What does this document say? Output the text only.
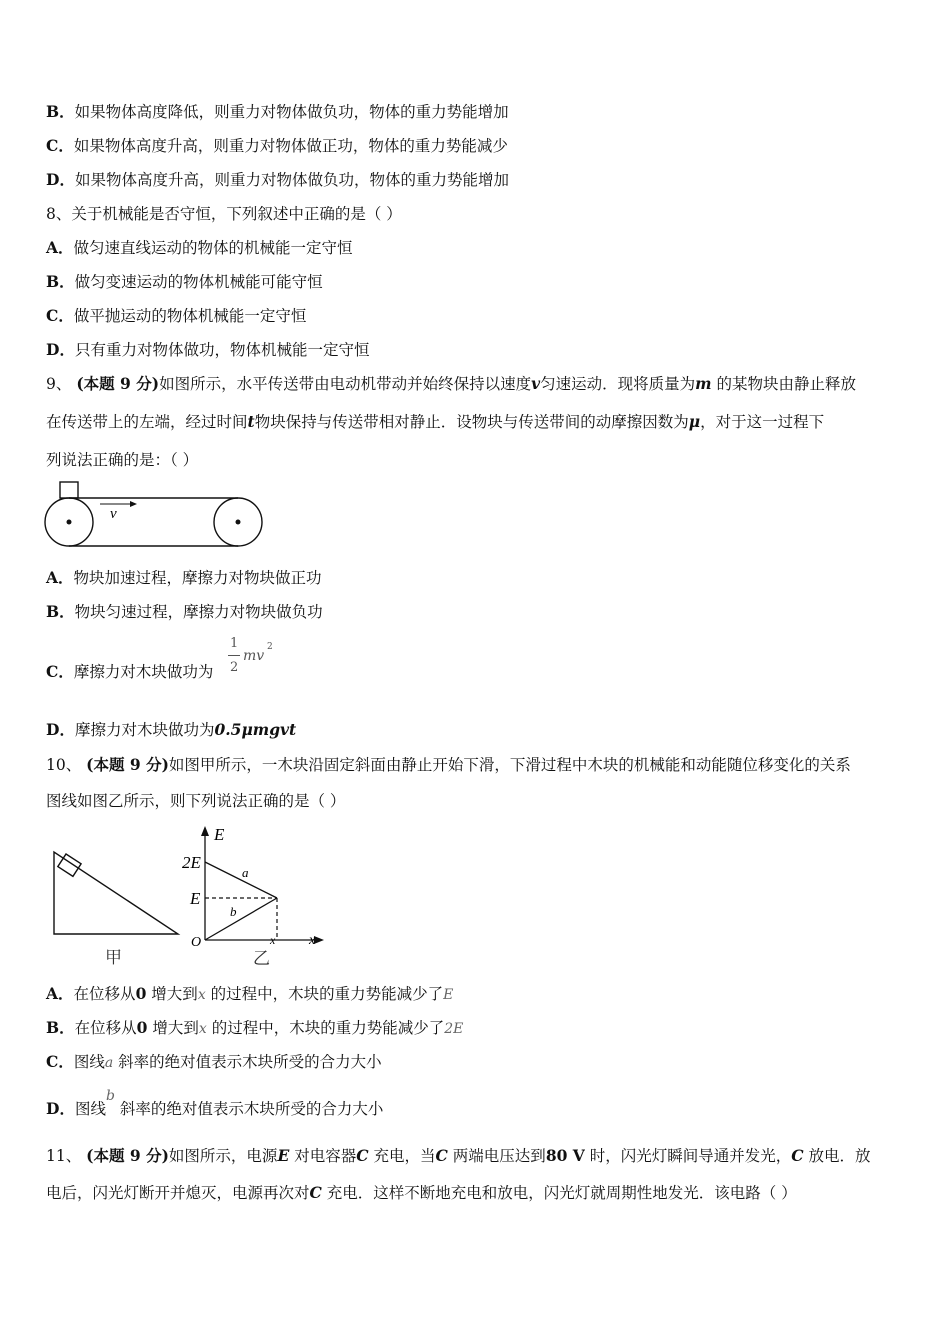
B．如果物体高度降低，则重力对物体做负功，物体的重力势能增加
C．如果物体高度升高，则重力对物体做正功，物体的重力势能减少
D．如果物体高度升高，则重力对物体做负功，物体的重力势能增加
8、关于机械能是否守恒，下列叙述中正确的是（ ）
A．做匀速直线运动的物体的机械能一定守恒
B．做匀变速运动的物体机械能可能守恒
C．做平抛运动的物体机械能一定守恒
D．只有重力对物体做功，物体机械能一定守恒
9、 (本题 9 分)如图所示，水平传送带由电动机带动并始终保持以速度v匀速运动．现将质量为m 的某物块由静止释放
在传送带上的左端，经过时间t物块保持与传送带相对静止．设物块与传送带间的动摩擦因数为μ，对于这一过程下
列说法正确的是：（ ）
v
A．物块加速过程，摩擦力对物块做正功
B．物块匀速过程，摩擦力对物块做负功
C．摩擦力对木块做功为
1
2
mv
2
D．摩擦力对木块做功为0.5μmgvt
10、 (本题 9 分)如图甲所示，一木块沿固定斜面由静止开始下滑，下滑过程中木块的机械能和动能随位移变化的关系
图线如图乙所示，则下列说法正确的是（ ）
甲
E
x
2E
E
O	x
a
b
乙
A．在位移从0 增大到x 的过程中，木块的重力势能减少了E
B．在位移从0 增大到x 的过程中，木块的重力势能减少了2E
C．图线a 斜率的绝对值表示木块所受的合力大小
D．图线b 斜率的绝对值表示木块所受的合力大小
11、 (本题 9 分)如图所示，电源E 对电容器C 充电，当C 两端电压达到80 V 时，闪光灯瞬间导通并发光，C 放电．放
电后，闪光灯断开并熄灭，电源再次对C 充电．这样不断地充电和放电，闪光灯就周期性地发光．该电路（ ）
